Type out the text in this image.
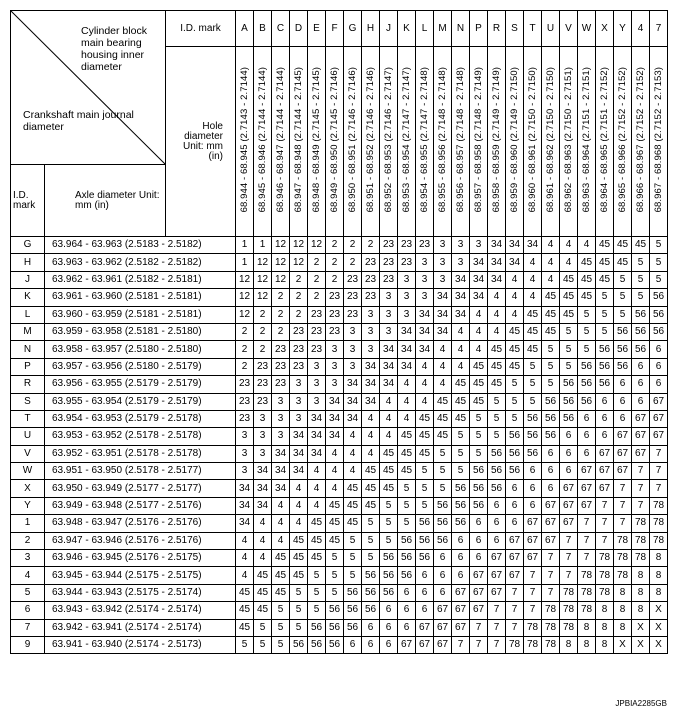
Cylinder block main bearing housing inner diameter
Crankshaft main journal diameter		I.D. mark	A	B	C	D	E	F	G	H	J	K	L	M	N	P	R	S	T	U	V	W	X	Y	4	7
		Hole diameter Unit: mm (in)	68.944 - 68.945 (2.7143 - 2.7144)	68.945 - 68.946 (2.7144 - 2.7144)	68.946 - 68.947 (2.7144 - 2.7144)	68.947 - 68.948 (2.7144 - 2.7145)	68.948 - 68.949 (2.7145 - 2.7145)	68.949 - 68.950 (2.7145 - 2.7146)	68.950 - 68.951 (2.7146 - 2.7146)	68.951 - 68.952 (2.7146 - 2.7146)	68.952 - 68.953 (2.7146 - 2.7147)	68.953 - 68.954 (2.7147 - 2.7147)	68.954 - 68.955 (2.7147 - 2.7148)	68.955 - 68.956 (2.7148 - 2.7148)	68.956 - 68.957 (2.7148 - 2.7148)	68.957 - 68.958 (2.7148 - 2.7149)	68.958 - 68.959 (2.7149 - 2.7149)	68.959 - 68.960 (2.7149 - 2.7150)	68.960 - 68.961 (2.7150 - 2.7150)	68.961 - 68.962 (2.7150 - 2.7150)	68.962 - 68.963 (2.7150 - 2.7151)	68.963 - 68.964 (2.7151 - 2.7151)	68.964 - 68.965 (2.7151 - 2.7152)	68.965 - 68.966 (2.7152 - 2.7152)	68.966 - 68.967 (2.7152 - 2.7152)	68.967 - 68.968 (2.7152 - 2.7153)
I.D. mark	Axle diameter Unit: mm (in)																									
G	63.964 - 63.963 (2.5183 - 2.5182)		1	1	12	12	12	2	2	2	23	23	23	3	3	3	34	34	34	4	4	4	45	45	45	5
H	63.963 - 63.962 (2.5182 - 2.5182)		1	12	12	12	2	2	2	23	23	23	3	3	3	34	34	34	4	4	4	45	45	45	5	5
J	63.962 - 63.961 (2.5182 - 2.5181)		12	12	12	2	2	2	23	23	23	3	3	3	34	34	34	4	4	4	45	45	45	5	5	5
K	63.961 - 63.960 (2.5181 - 2.5181)		12	12	2	2	2	23	23	23	3	3	3	34	34	34	4	4	4	45	45	45	5	5	5	56
L	63.960 - 63.959 (2.5181 - 2.5181)		12	2	2	2	23	23	23	3	3	3	34	34	34	4	4	4	45	45	45	5	5	5	56	56
M	63.959 - 63.958 (2.5181 - 2.5180)		2	2	2	23	23	23	3	3	3	34	34	34	4	4	4	45	45	45	5	5	5	56	56	56
N	63.958 - 63.957 (2.5180 - 2.5180)		2	2	23	23	23	3	3	3	34	34	34	4	4	4	45	45	45	5	5	5	56	56	56	6
P	63.957 - 63.956 (2.5180 - 2.5179)		2	23	23	23	3	3	3	34	34	34	4	4	4	45	45	45	5	5	5	56	56	56	6	6
R	63.956 - 63.955 (2.5179 - 2.5179)		23	23	23	3	3	3	34	34	34	4	4	4	45	45	45	5	5	5	56	56	56	6	6	6
S	63.955 - 63.954 (2.5179 - 2.5179)		23	23	3	3	3	34	34	34	4	4	4	45	45	45	5	5	5	56	56	56	6	6	6	67
T	63.954 - 63.953 (2.5179 - 2.5178)		23	3	3	3	34	34	34	4	4	4	45	45	45	5	5	5	56	56	56	6	6	6	67	67
U	63.953 - 63.952 (2.5178 - 2.5178)		3	3	3	34	34	34	4	4	4	45	45	45	5	5	5	56	56	56	6	6	6	67	67	67
V	63.952 - 63.951 (2.5178 - 2.5178)		3	3	34	34	34	4	4	4	45	45	45	5	5	5	56	56	56	6	6	6	67	67	67	7
W	63.951 - 63.950 (2.5178 - 2.5177)		3	34	34	34	4	4	4	45	45	45	5	5	5	56	56	56	6	6	6	67	67	67	7	7
X	63.950 - 63.949 (2.5177 - 2.5177)		34	34	34	4	4	4	45	45	45	5	5	5	56	56	56	6	6	6	67	67	67	7	7	7
Y	63.949 - 63.948 (2.5177 - 2.5176)		34	34	4	4	4	45	45	45	5	5	5	56	56	56	6	6	6	67	67	67	7	7	7	78
1	63.948 - 63.947 (2.5176 - 2.5176)		34	4	4	4	45	45	45	5	5	5	56	56	56	6	6	6	67	67	67	7	7	7	78	78
2	63.947 - 63.946 (2.5176 - 2.5176)		4	4	4	45	45	45	5	5	5	56	56	56	6	6	6	67	67	67	7	7	7	78	78	78
3	63.946 - 63.945 (2.5176 - 2.5175)		4	4	45	45	45	5	5	5	56	56	56	6	6	6	67	67	67	7	7	7	78	78	78	8
4	63.945 - 63.944 (2.5175 - 2.5175)		4	45	45	45	5	5	5	56	56	56	6	6	6	67	67	67	7	7	7	78	78	78	8	8
5	63.944 - 63.943 (2.5175 - 2.5174)		45	45	45	5	5	5	56	56	56	6	6	6	67	67	67	7	7	7	78	78	78	8	8	8
6	63.943 - 63.942 (2.5174 - 2.5174)		45	45	5	5	5	56	56	56	6	6	6	67	67	67	7	7	7	78	78	78	8	8	8	X
7	63.942 - 63.941 (2.5174 - 2.5174)		45	5	5	5	56	56	56	6	6	6	67	67	67	7	7	7	78	78	78	8	8	8	X	X
9	63.941 - 63.940 (2.5174 - 2.5173)		5	5	5	56	56	56	6	6	6	67	67	67	7	7	7	78	78	78	8	8	8	X	X	X
JPBIA2285GB
